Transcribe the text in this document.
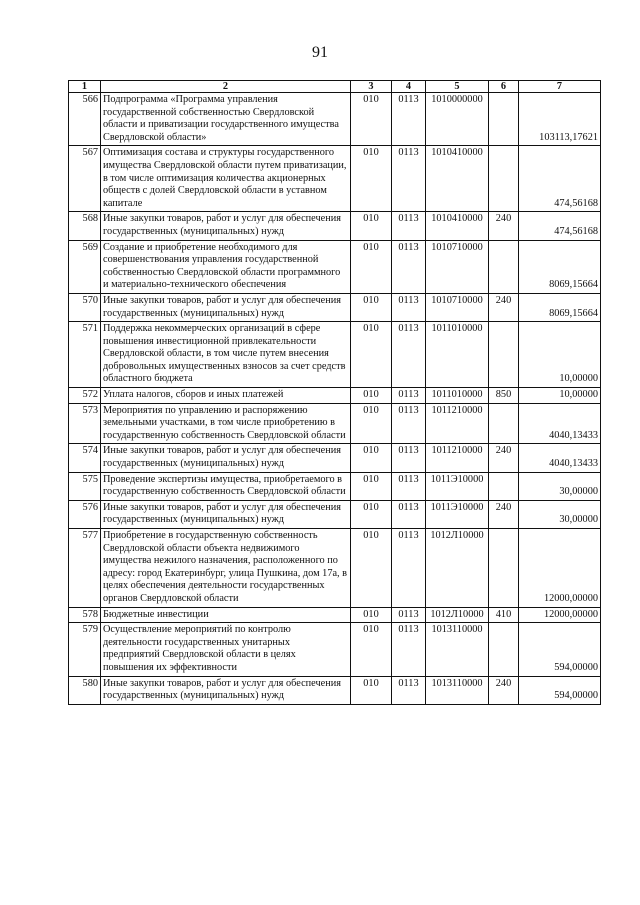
91
1	2	3	4	5	6	7
566	Подпрограмма «Программа управления государственной собственностью Свердловской области и приватизации государственного имущества Свердловской области»	010	0113	1010000000		103113,17621
567	Оптимизация состава и структуры государственного имущества Свердловской области путем приватизации, в том числе оптимизация количества акционерных обществ с долей Свердловской области в уставном капитале	010	0113	1010410000		474,56168
568	Иные закупки товаров, работ и услуг для обеспечения государственных (муниципальных) нужд	010	0113	1010410000	240	474,56168
569	Создание и приобретение необходимого для совершенствования управления государственной собственностью Свердловской области программного и материально-технического обеспечения	010	0113	1010710000		8069,15664
570	Иные закупки товаров, работ и услуг для обеспечения государственных (муниципальных) нужд	010	0113	1010710000	240	8069,15664
571	Поддержка некоммерческих организаций в сфере повышения инвестиционной привлекательности Свердловской области, в том числе путем внесения добровольных имущественных взносов за счет средств областного бюджета	010	0113	1011010000		10,00000
572	Уплата налогов, сборов и иных платежей	010	0113	1011010000	850	10,00000
573	Мероприятия по управлению и распоряжению земельными участками, в том числе приобретению в государственную собственность Свердловской области	010	0113	1011210000		4040,13433
574	Иные закупки товаров, работ и услуг для обеспечения государственных (муниципальных) нужд	010	0113	1011210000	240	4040,13433
575	Проведение экспертизы имущества, приобретаемого в государственную собственность Свердловской области	010	0113	1011Э10000		30,00000
576	Иные закупки товаров, работ и услуг для обеспечения государственных (муниципальных) нужд	010	0113	1011Э10000	240	30,00000
577	Приобретение в государственную собственность Свердловской области объекта недвижимого имущества нежилого назначения, расположенного по адресу: город Екатеринбург, улица Пушкина, дом 17а, в целях обеспечения деятельности государственных органов Свердловской области	010	0113	1012Л10000		12000,00000
578	Бюджетные инвестиции	010	0113	1012Л10000	410	12000,00000
579	Осуществление мероприятий по контролю деятельности государственных унитарных предприятий Свердловской области в целях повышения их эффективности	010	0113	1013110000		594,00000
580	Иные закупки товаров, работ и услуг для обеспечения государственных (муниципальных) нужд	010	0113	1013110000	240	594,00000
